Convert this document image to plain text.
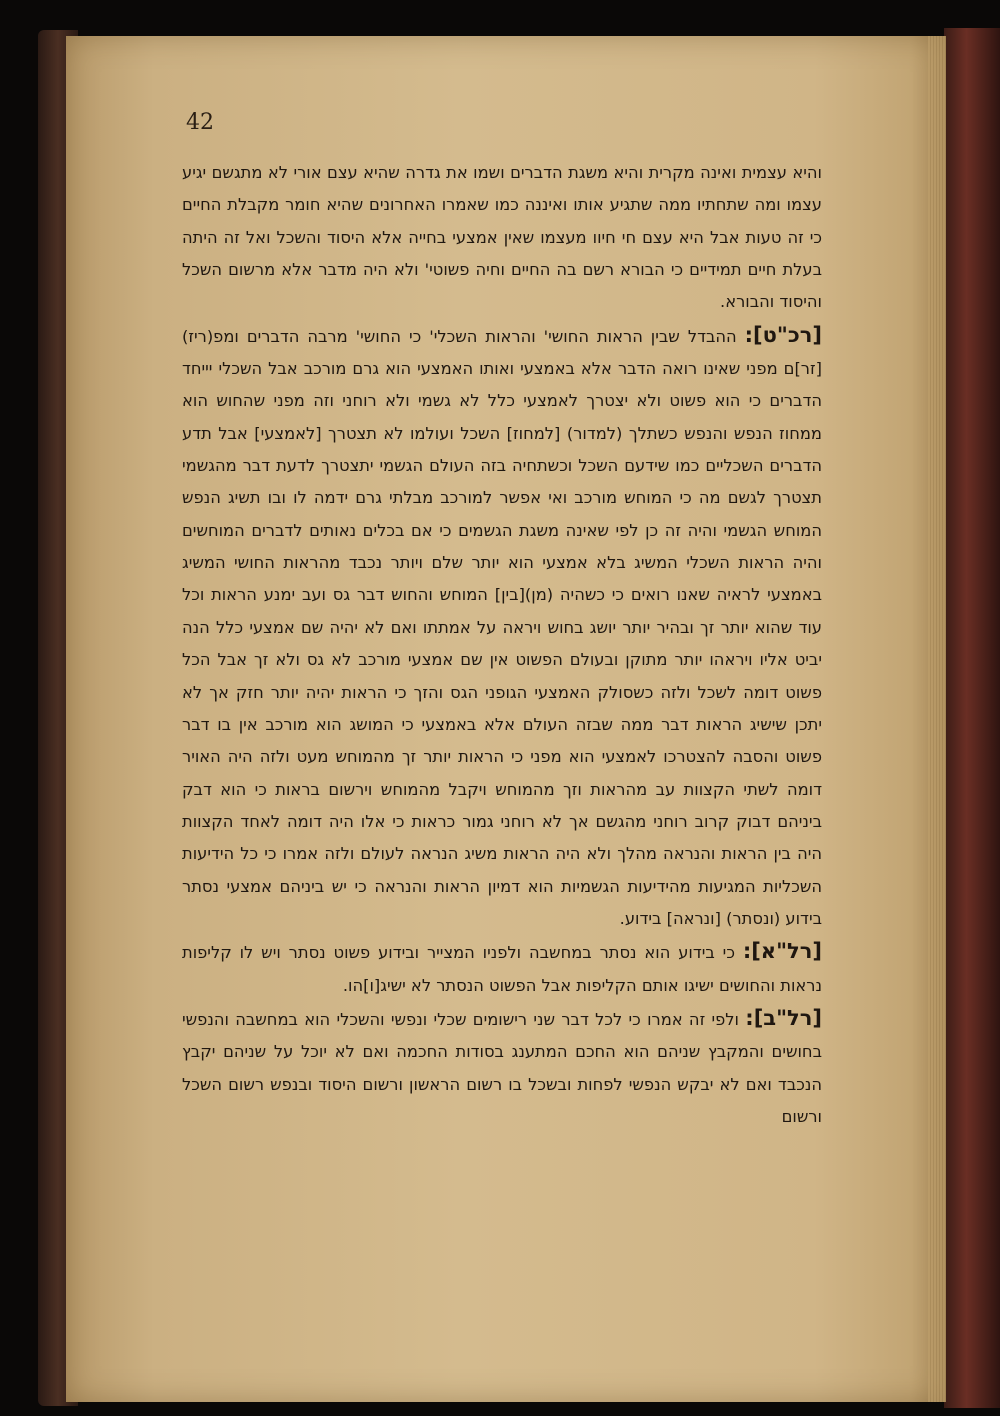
42

והיא עצמית ואינה מקרית והיא משגת הדברים ושמו את גדרה שהיא עצם אורי לא מתגשם יגיע עצמו ומה שתחתיו ממה שתגיע אותו ואיננה כמו שאמרו האחרונים שהיא חומר מקבלת החיים כי זה טעות אבל היא עצם חי חיוו מעצמו שאין אמצעי בחייה אלא היסוד והשכל ואל זה היתה בעלת חיים תמידיים כי הבורא רשם בה החיים וחיה פשוטי' ולא היה מדבר אלא מרשום השכל והיסוד והבורא.

[רכ"ט]: ההבדל שבין הראות החושי' והראות השכלי' כי החושי' מרבה הדברים ומפ(ריז)[זר]ם מפני שאינו רואה הדבר אלא באמצעי ואותו האמצעי הוא גרם מורכב אבל השכלי יייחד הדברים כי הוא פשוט ולא יצטרך לאמצעי כלל לא גשמי ולא רוחני וזה מפני שהחוש הוא ממחוז הנפש והנפש כשתלך (למדור) [למחוז] השכל ועולמו לא תצטרך [לאמצעי] אבל תדע הדברים השכליים כמו שידעם השכל וכשתחיה בזה העולם הגשמי יתצטרך לדעת דבר מהגשמי תצטרך לגשם מה כי המוחש מורכב ואי אפשר למורכב מבלתי גרם ידמה לו ובו תשיג הנפש המוחש הגשמי והיה זה כן לפי שאינה משגת הגשמים כי אם בכלים נאותים לדברים המוחשים והיה הראות השכלי המשיג בלא אמצעי הוא יותר שלם ויותר נכבד מהראות החושי המשיג באמצעי לראיה שאנו רואים כי כשהיה (מן)[בין] המוחש והחוש דבר גס ועב ימנע הראות וכל עוד שהוא יותר זך ובהיר יותר יושג בחוש ויראה על אמתתו ואם לא יהיה שם אמצעי כלל הנה יביט אליו ויראהו יותר מתוקן ובעולם הפשוט אין שם אמצעי מורכב לא גס ולא זך אבל הכל פשוט דומה לשכל ולזה כשסולק האמצעי הגופני הגס והזך כי הראות יהיה יותר חזק אך לא יתכן שישיג הראות דבר ממה שבזה העולם אלא באמצעי כי המושג הוא מורכב אין בו דבר פשוט והסבה להצטרכו לאמצעי הוא מפני כי הראות יותר זך מהמוחש מעט ולזה היה האויר דומה לשתי הקצוות עב מהראות וזך מהמוחש ויקבל מהמוחש וירשום בראות כי הוא דבק ביניהם דבוק קרוב רוחני מהגשם אך לא רוחני גמור כראות כי אלו היה דומה לאחד הקצוות היה בין הראות והנראה מהלך ולא היה הראות משיג הנראה לעולם ולזה אמרו כי כל הידיעות השכליות המגיעות מהידיעות הגשמיות הוא דמיון הראות והנראה כי יש ביניהם אמצעי נסתר בידוע (ונסתר) [ונראה] בידוע.

[רל"א]: כי בידוע הוא נסתר במחשבה ולפניו המצייר ובידוע פשוט נסתר ויש לו קליפות נראות והחושים ישיגו אותם הקליפות אבל הפשוט הנסתר לא ישיג[ו]הו.

[רל"ב]: ולפי זה אמרו כי לכל דבר שני רישומים שכלי ונפשי והשכלי הוא במחשבה והנפשי בחושים והמקבץ שניהם הוא החכם המתענג בסודות החכמה ואם לא יוכל על שניהם יקבץ הנכבד ואם לא יבקש הנפשי לפחות ובשכל בו רשום הראשון ורשום היסוד ובנפש רשום השכל ורשום
